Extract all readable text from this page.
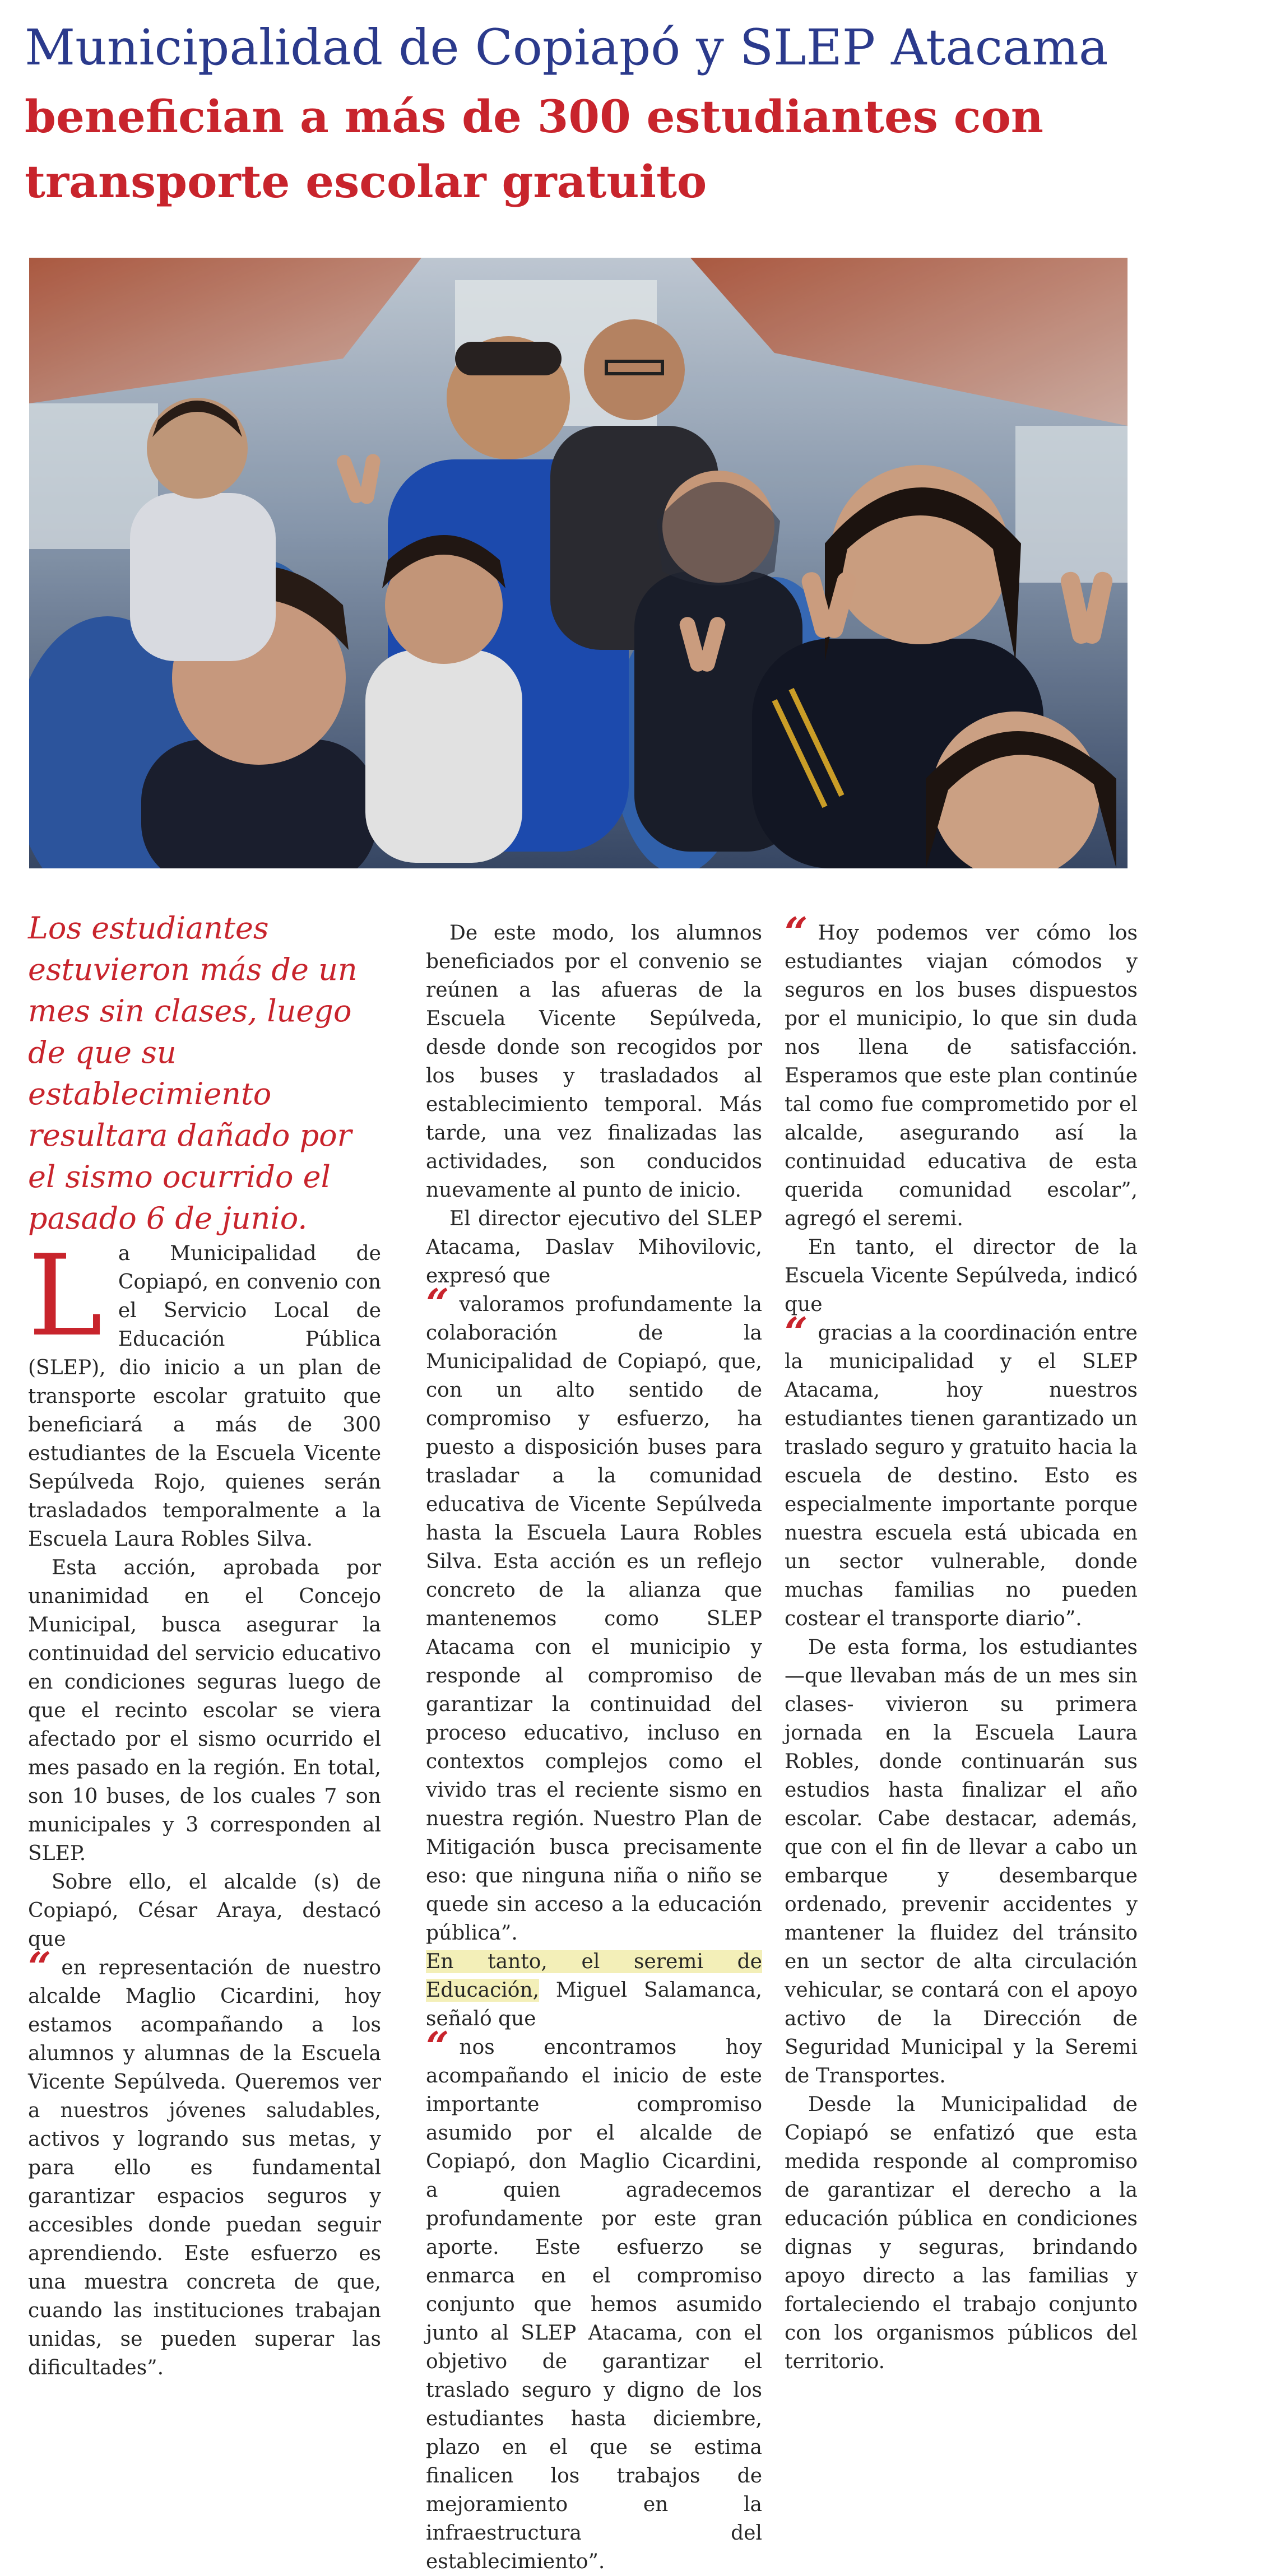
Municipalidad de Copiapó y SLEP Atacama
benefician a más de 300 estudiantes con transporte escolar gratuito

Los estudiantes estuvieron más de un mes sin clases, luego de que su establecimiento resultara dañado por el sismo ocurrido el pasado 6 de junio.

La Municipalidad de Copiapó, en convenio con el Servicio Local de Educación Pública (SLEP), dio inicio a un plan de transporte escolar gratuito que beneficiará a más de 300 estudiantes de la Escuela Vicente Sepúlveda Rojo, quienes serán trasladados temporalmente a la Escuela Laura Robles Silva.

Esta acción, aprobada por unanimidad en el Concejo Municipal, busca asegurar la continuidad del servicio educativo en condiciones seguras luego de que el recinto escolar se viera afectado por el sismo ocurrido el mes pasado en la región. En total, son 10 buses, de los cuales 7 son municipales y 3 corresponden al SLEP.

Sobre ello, el alcalde (s) de Copiapó, César Araya, destacó que

“ en representación de nuestro alcalde Maglio Cicardini, hoy estamos acompañando a los alumnos y alumnas de la Escuela Vicente Sepúlveda. Queremos ver a nuestros jóvenes saludables, activos y logrando sus metas, y para ello es fundamental garantizar espacios seguros y accesibles donde puedan seguir aprendiendo. Este esfuerzo es una muestra concreta de que, cuando las instituciones trabajan unidas, se pueden superar las dificultades”.

De este modo, los alumnos beneficiados por el convenio se reúnen a las afueras de la Escuela Vicente Sepúlveda, desde donde son recogidos por los buses y trasladados al establecimiento temporal. Más tarde, una vez finalizadas las actividades, son conducidos nuevamente al punto de inicio.

El director ejecutivo del SLEP Atacama, Daslav Mihovilovic, expresó que

“ valoramos profundamente la colaboración de la Municipalidad de Copiapó, que, con un alto sentido de compromiso y esfuerzo, ha puesto a disposición buses para trasladar a la comunidad educativa de Vicente Sepúlveda hasta la Escuela Laura Robles Silva. Esta acción es un reflejo concreto de la alianza que mantenemos como SLEP Atacama con el municipio y responde al compromiso de garantizar la continuidad del proceso educativo, incluso en contextos complejos como el vivido tras el reciente sismo en nuestra región. Nuestro Plan de Mitigación busca precisamente eso: que ninguna niña o niño se quede sin acceso a la educación pública”.

En tanto, el seremi de Educación, Miguel Salamanca, señaló que

“ nos encontramos hoy acompañando el inicio de este importante compromiso asumido por el alcalde de Copiapó, don Maglio Cicardini, a quien agradecemos profundamente por este gran aporte. Este esfuerzo se enmarca en el compromiso conjunto que hemos asumido junto al SLEP Atacama, con el objetivo de garantizar el traslado seguro y digno de los estudiantes hasta diciembre, plazo en el que se estima finalicen los trabajos de mejoramiento en la infraestructura del establecimiento”.

“ Hoy podemos ver cómo los estudiantes viajan cómodos y seguros en los buses dispuestos por el municipio, lo que sin duda nos llena de satisfacción. Esperamos que este plan continúe tal como fue comprometido por el alcalde, asegurando así la continuidad educativa de esta querida comunidad escolar”, agregó el seremi.

En tanto, el director de la Escuela Vicente Sepúlveda, indicó que

“ gracias a la coordinación entre la municipalidad y el SLEP Atacama, hoy nuestros estudiantes tienen garantizado un traslado seguro y gratuito hacia la escuela de destino. Esto es especialmente importante porque nuestra escuela está ubicada en un sector vulnerable, donde muchas familias no pueden costear el transporte diario”.

De esta forma, los estudiantes —que llevaban más de un mes sin clases- vivieron su primera jornada en la Escuela Laura Robles, donde continuarán sus estudios hasta finalizar el año escolar. Cabe destacar, además, que con el fin de llevar a cabo un embarque y desembarque ordenado, prevenir accidentes y mantener la fluidez del tránsito en un sector de alta circulación vehicular, se contará con el apoyo activo de la Dirección de Seguridad Municipal y la Seremi de Transportes.

Desde la Municipalidad de Copiapó se enfatizó que esta medida responde al compromiso de garantizar el derecho a la educación pública en condiciones dignas y seguras, brindando apoyo directo a las familias y fortaleciendo el trabajo conjunto con los organismos públicos del territorio.
